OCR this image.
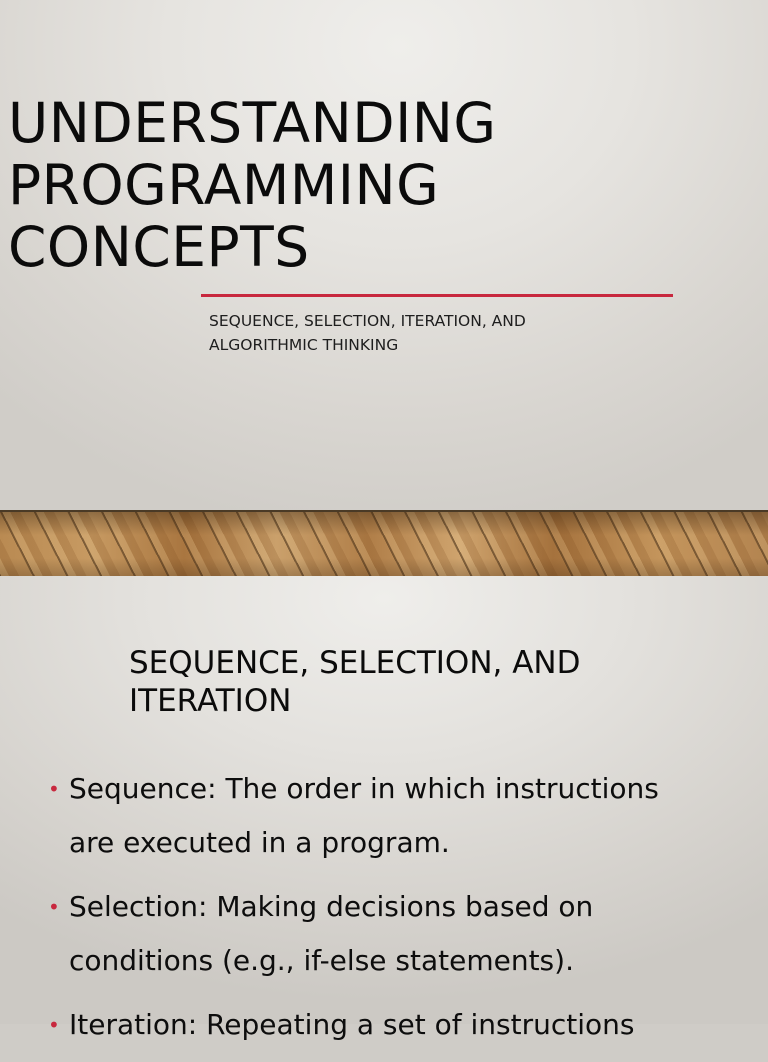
UNDERSTANDING
PROGRAMMING
CONCEPTS
SEQUENCE, SELECTION, ITERATION, AND
ALGORITHMIC THINKING
SEQUENCE, SELECTION, AND
ITERATION
• Sequence: The order in which instructions
are executed in a program.
• Selection: Making decisions based on
conditions (e.g., if-else statements).
• Iteration: Repeating a set of instructions
